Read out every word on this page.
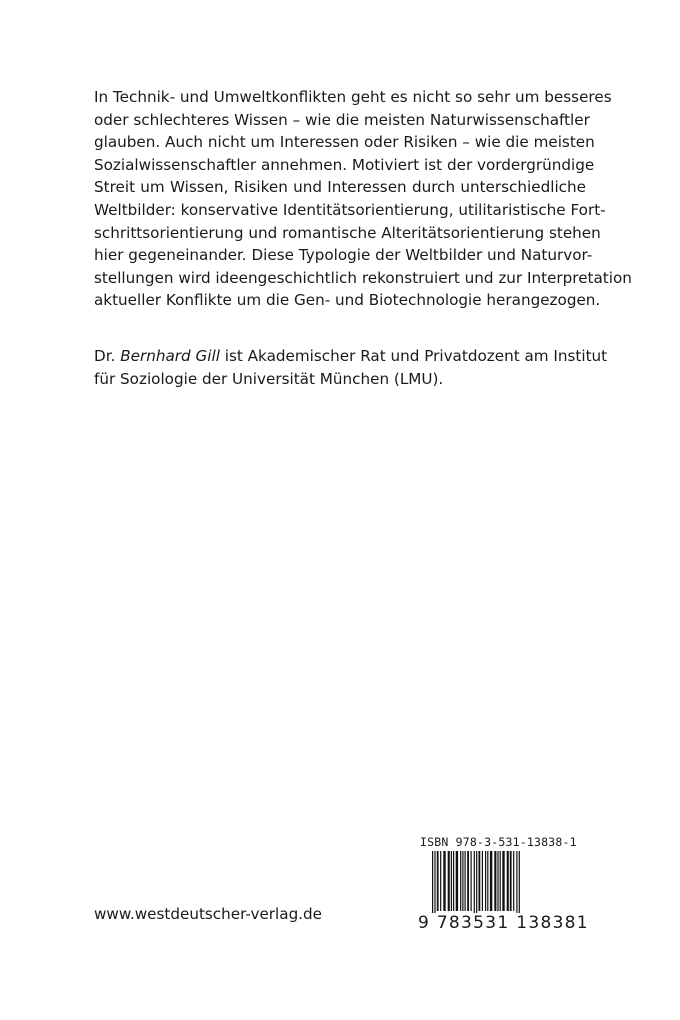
In Technik- und Umweltkonflikten geht es nicht so sehr um besseres
oder schlechteres Wissen – wie die meisten Naturwissenschaftler
glauben. Auch nicht um Interessen oder Risiken – wie die meisten
Sozialwissenschaftler annehmen. Motiviert ist der vordergründige
Streit um Wissen, Risiken und Interessen durch unterschiedliche
Weltbilder: konservative Identitätsorientierung, utilitaristische Fort-
schrittsorientierung und romantische Alteritätsorientierung stehen
hier gegeneinander. Diese Typologie der Weltbilder und Naturvor-
stellungen wird ideengeschichtlich rekonstruiert und zur Interpretation
aktueller Konflikte um die Gen- und Biotechnologie herangezogen.
Dr. Bernhard Gill ist Akademischer Rat und Privatdozent am Institut
für Soziologie der Universität München (LMU).
www.westdeutscher-verlag.de
ISBN 978-3-531-13838-1
9 783531 138381
